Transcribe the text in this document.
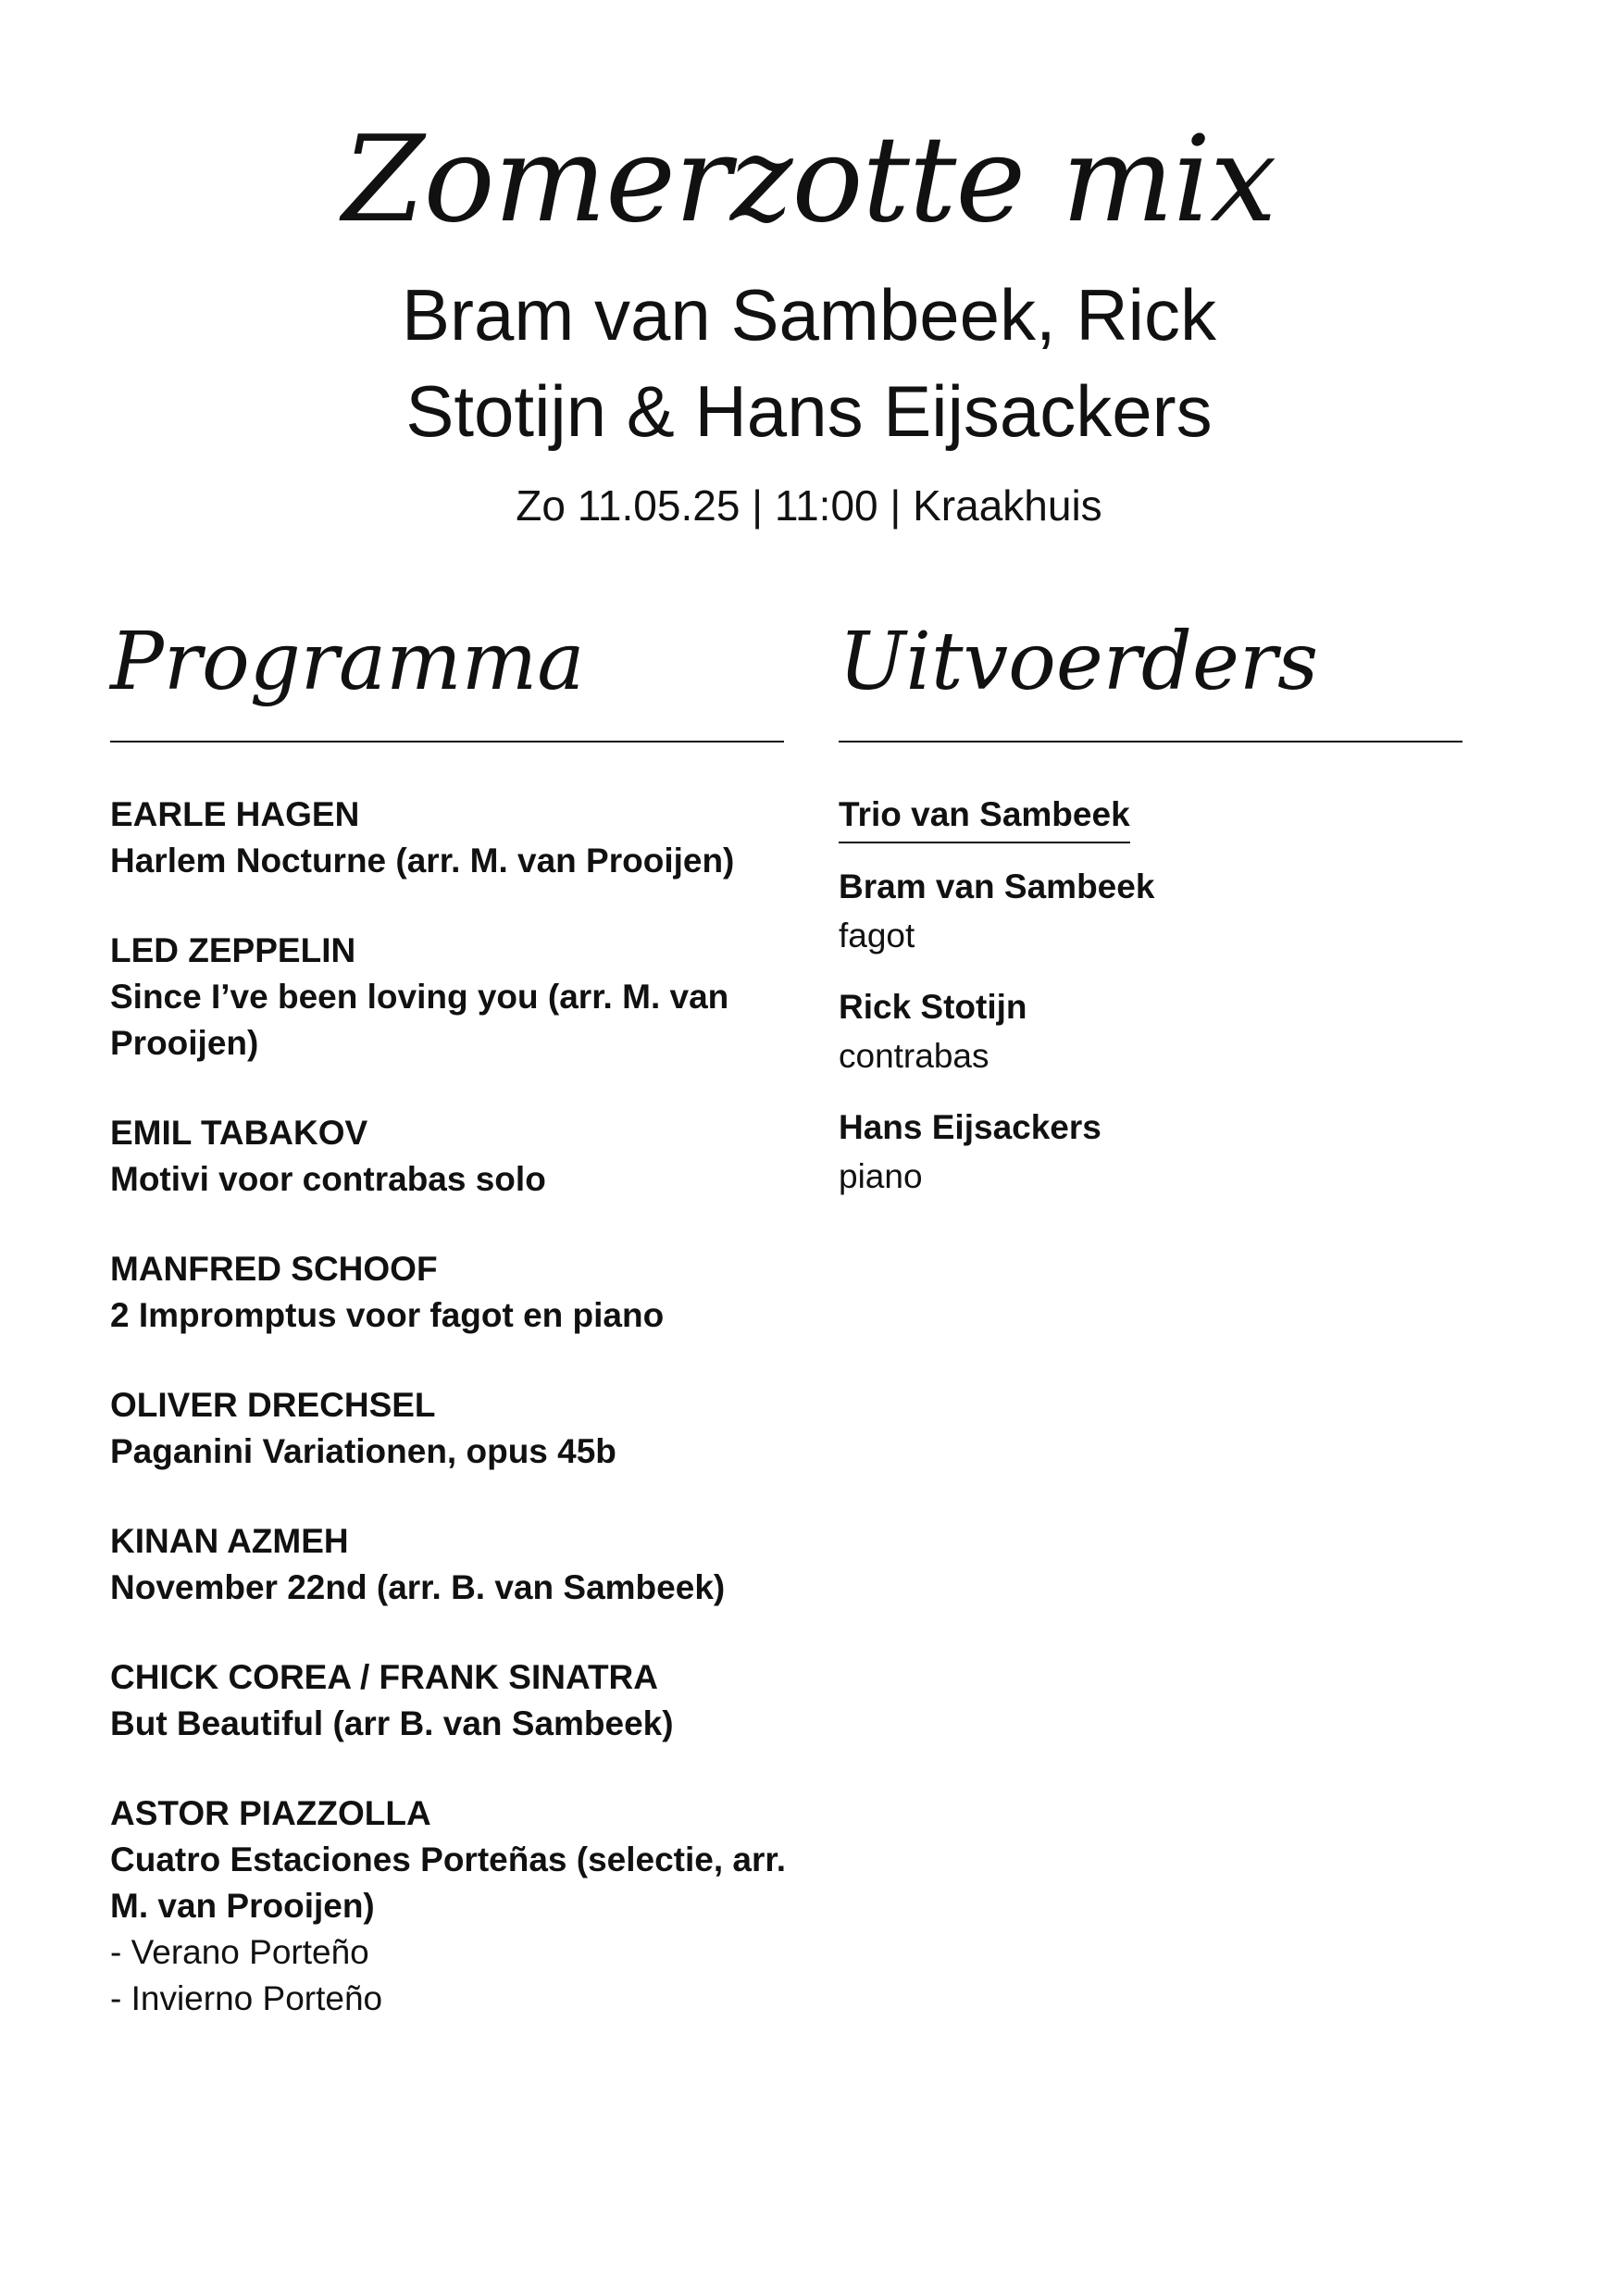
Zomerzotte mix
Bram van Sambeek, Rick Stotijn & Hans Eijsackers
Zo 11.05.25 | 11:00 | Kraakhuis
Programma	Uitvoerders
EARLE HAGEN
Harlem Nocturne (arr. M. van Prooijen)
LED ZEPPELIN
Since I’ve been loving you (arr. M. van Prooijen)
EMIL TABAKOV
Motivi voor contrabas solo
MANFRED SCHOOF
2 Impromptus voor fagot en piano
OLIVER DRECHSEL
Paganini Variationen, opus 45b
KINAN AZMEH
November 22nd (arr. B. van Sambeek)
CHICK COREA / FRANK SINATRA
But Beautiful (arr B. van Sambeek)
ASTOR PIAZZOLLA
Cuatro Estaciones Porteñas (selectie, arr. M. van Prooijen)
- Verano Porteño
- Invierno Porteño
Trio van Sambeek
Bram van Sambeek
fagot
Rick Stotijn
contrabas
Hans Eijsackers
piano
